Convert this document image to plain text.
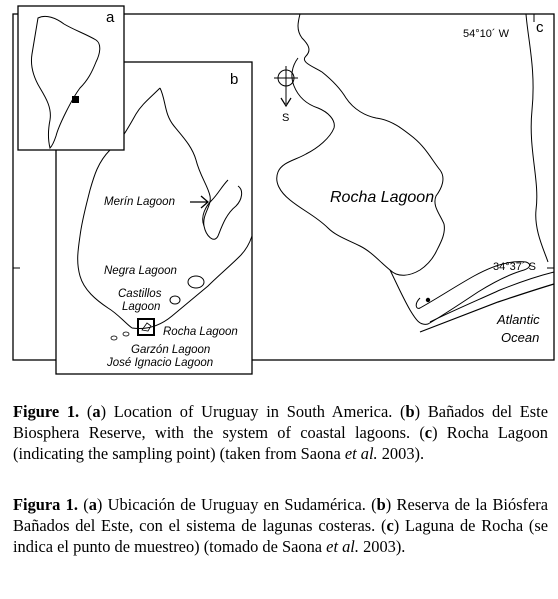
S
c
54°10´ W
34°37´ S
Rocha Lagoon
Atlantic
Ocean
b
Merín Lagoon
Negra Lagoon
Castillos
Lagoon
Rocha Lagoon
Garzón Lagoon
José Ignacio Lagoon
a

Figure 1. (a) Location of Uruguay in South America. (b) Bañados del Este Biosphera Reserve, with the system of coastal lagoons. (c) Rocha Lagoon (indicating the sampling point) (taken from Saona et al. 2003).

Figura 1. (a) Ubicación de Uruguay en Sudamérica. (b) Reserva de la Biósfera Bañados del Este, con el sistema de lagunas costeras. (c) Laguna de Rocha (se indica el punto de muestreo) (tomado de Saona et al. 2003).
